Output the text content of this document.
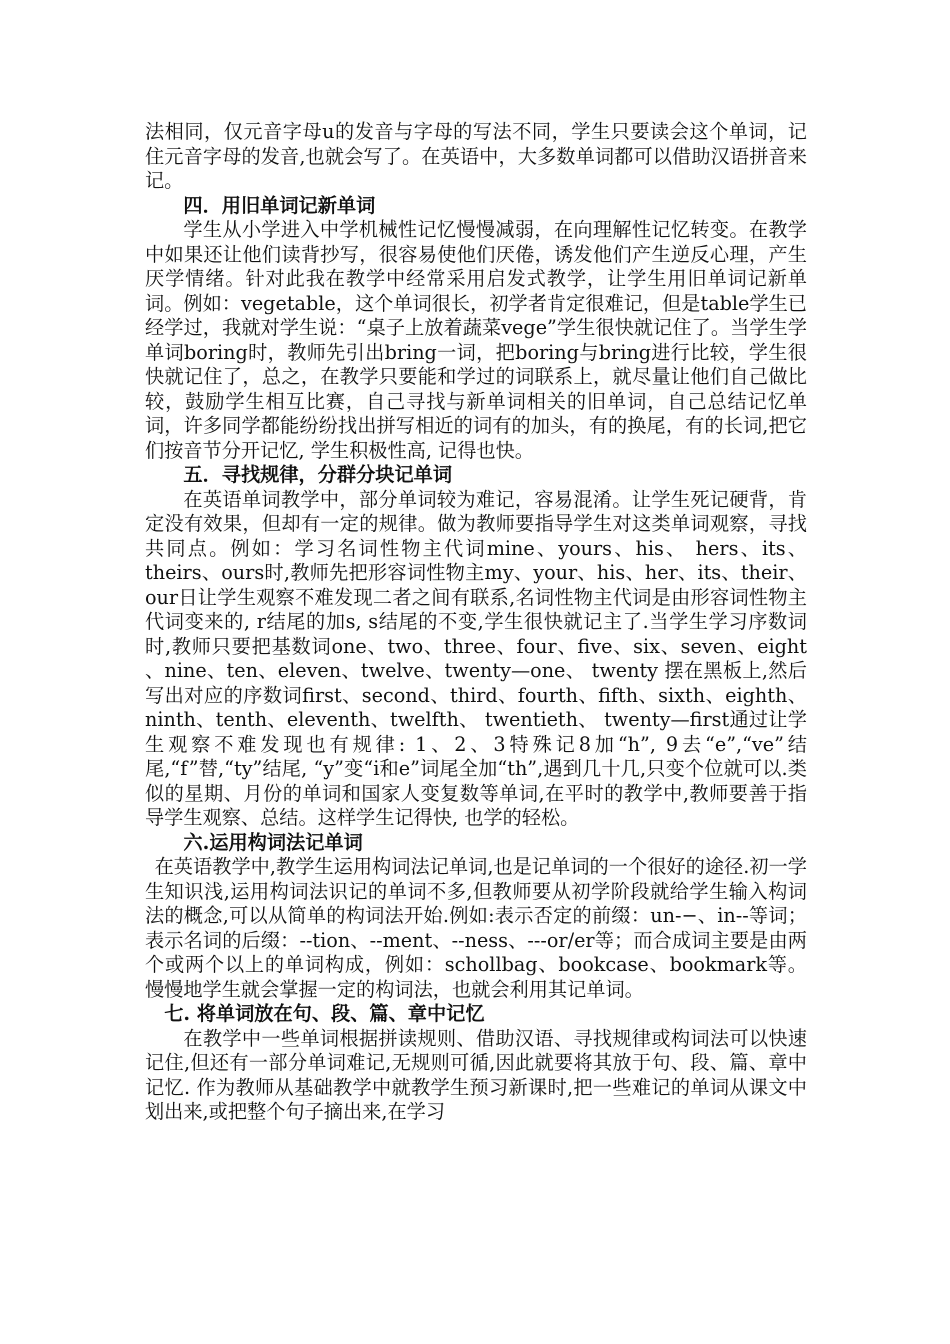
法相同，仅元音字母u的发音与字母的写法不同，学生只要读会这个单词，记住元音字母的发音,也就会写了。在英语中，大多数单词都可以借助汉语拼音来记。

四．用旧单词记新单词

学生从小学进入中学机械性记忆慢慢减弱，在向理解性记忆转变。在教学中如果还让他们读背抄写，很容易使他们厌倦，诱发他们产生逆反心理，产生厌学情绪。针对此我在教学中经常采用启发式教学，让学生用旧单词记新单词。例如：vegetable，这个单词很长，初学者肯定很难记，但是table学生已经学过，我就对学生说：“桌子上放着蔬菜vege”学生很快就记住了。当学生学单词boring时，教师先引出bring一词，把boring与bring进行比较，学生很快就记住了，总之，在教学只要能和学过的词联系上，就尽量让他们自己做比较，鼓励学生相互比赛，自己寻找与新单词相关的旧单词，自己总结记忆单词，许多同学都能纷纷找出拼写相近的词有的加头，有的换尾，有的长词,把它们按音节分开记忆, 学生积极性高, 记得也快。

五．寻找规律，分群分块记单词

在英语单词教学中，部分单词较为难记，容易混淆。让学生死记硬背，肯定没有效果，但却有一定的规律。做为教师要指导学生对这类单词观察，寻找共同点。例如：学习名词性物主代词mine、yours、his、 hers、its、theirs、ours时,教师先把形容词性物主my、your、his、her、its、their、our日让学生观察不难发现二者之间有联系,名词性物主代词是由形容词性物主代词变来的, r结尾的加s, s结尾的不变,学生很快就记主了.当学生学习序数词时,教师只要把基数词one、two、three、four、five、six、seven、eight 、nine、ten、eleven、twelve、twenty—one、 twenty 摆在黑板上,然后写出对应的序数词first、second、third、fourth、fifth、sixth、eighth、ninth、tenth、eleventh、twelfth、 twentieth、 twenty—first通过让学生观察不难发现也有规律: 1、2、3特殊记8加“h”, 9去“e”,“ve”结尾,“f”替,“ty”结尾, “y”变“i和e”词尾全加“th”,遇到几十几,只变个位就可以.类似的星期、月份的单词和国家人变复数等单词,在平时的教学中,教师要善于指导学生观察、总结。这样学生记得快, 也学的轻松。

六.运用构词法记单词

在英语教学中,教学生运用构词法记单词,也是记单词的一个很好的途径.初一学生知识浅,运用构词法识记的单词不多,但教师要从初学阶段就给学生输入构词法的概念,可以从简单的构词法开始.例如:表示否定的前缀：un-−、in--等词；表示名词的后缀：--tion、--ment、--ness、---or/er等；而合成词主要是由两个或两个以上的单词构成，例如：schollbag、bookcase、bookmark等。慢慢地学生就会掌握一定的构词法，也就会利用其记单词。

七. 将单词放在句、段、篇、章中记忆

在教学中一些单词根据拼读规则、借助汉语、寻找规律或构词法可以快速记住,但还有一部分单词难记,无规则可循,因此就要将其放于句、段、篇、章中记忆. 作为教师从基础教学中就教学生预习新课时,把一些难记的单词从课文中划出来,或把整个句子摘出来,在学习
